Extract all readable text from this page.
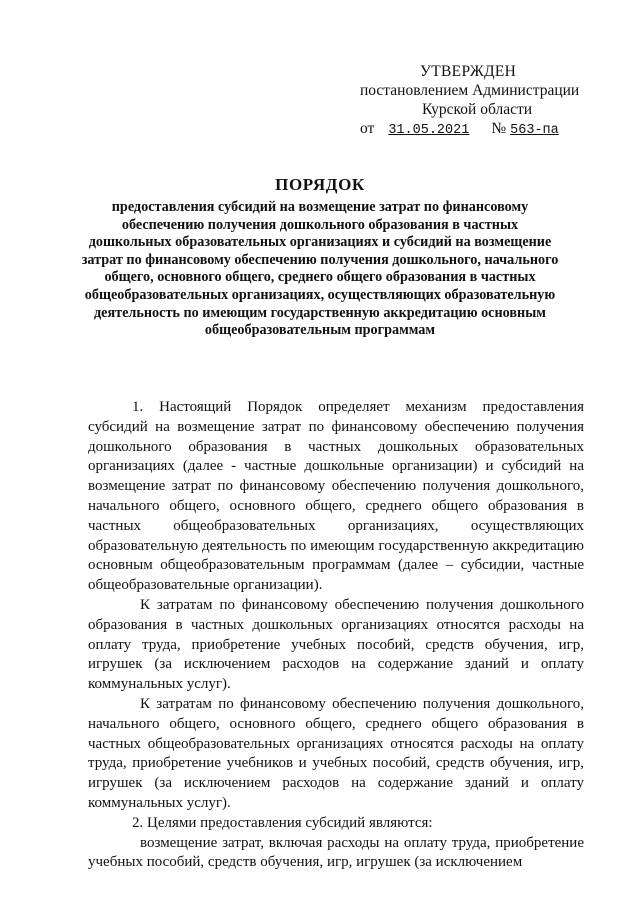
УТВЕРЖДЕН
постановлением Администрации
Курской области
от 31.05.2021 № 563-па
ПОРЯДОК
предоставления субсидий на возмещение затрат по финансовому обеспечению получения дошкольного образования в частных дошкольных образовательных организациях и субсидий на возмещение затрат по финансовому обеспечению получения дошкольного, начального общего, основного общего, среднего общего образования в частных общеобразовательных организациях, осуществляющих образовательную деятельность по имеющим государственную аккредитацию основным общеобразовательным программам

1. Настоящий Порядок определяет механизм предоставления субсидий на возмещение затрат по финансовому обеспечению получения дошкольного образования в частных дошкольных образовательных организациях (далее - частные дошкольные организации) и субсидий на возмещение затрат по финансовому обеспечению получения дошкольного, начального общего, основного общего, среднего общего образования в частных общеобразовательных организациях, осуществляющих образовательную деятельность по имеющим государственную аккредитацию основным общеобразовательным программам (далее – субсидии, частные общеобразовательные организации).

К затратам по финансовому обеспечению получения дошкольного образования в частных дошкольных организациях относятся расходы на оплату труда, приобретение учебных пособий, средств обучения, игр, игрушек (за исключением расходов на содержание зданий и оплату коммунальных услуг).

К затратам по финансовому обеспечению получения дошкольного, начального общего, основного общего, среднего общего образования в частных общеобразовательных организациях относятся расходы на оплату труда, приобретение учебников и учебных пособий, средств обучения, игр, игрушек (за исключением расходов на содержание зданий и оплату коммунальных услуг).

2. Целями предоставления субсидий являются:

возмещение затрат, включая расходы на оплату труда, приобретение учебных пособий, средств обучения, игр, игрушек (за исключением
